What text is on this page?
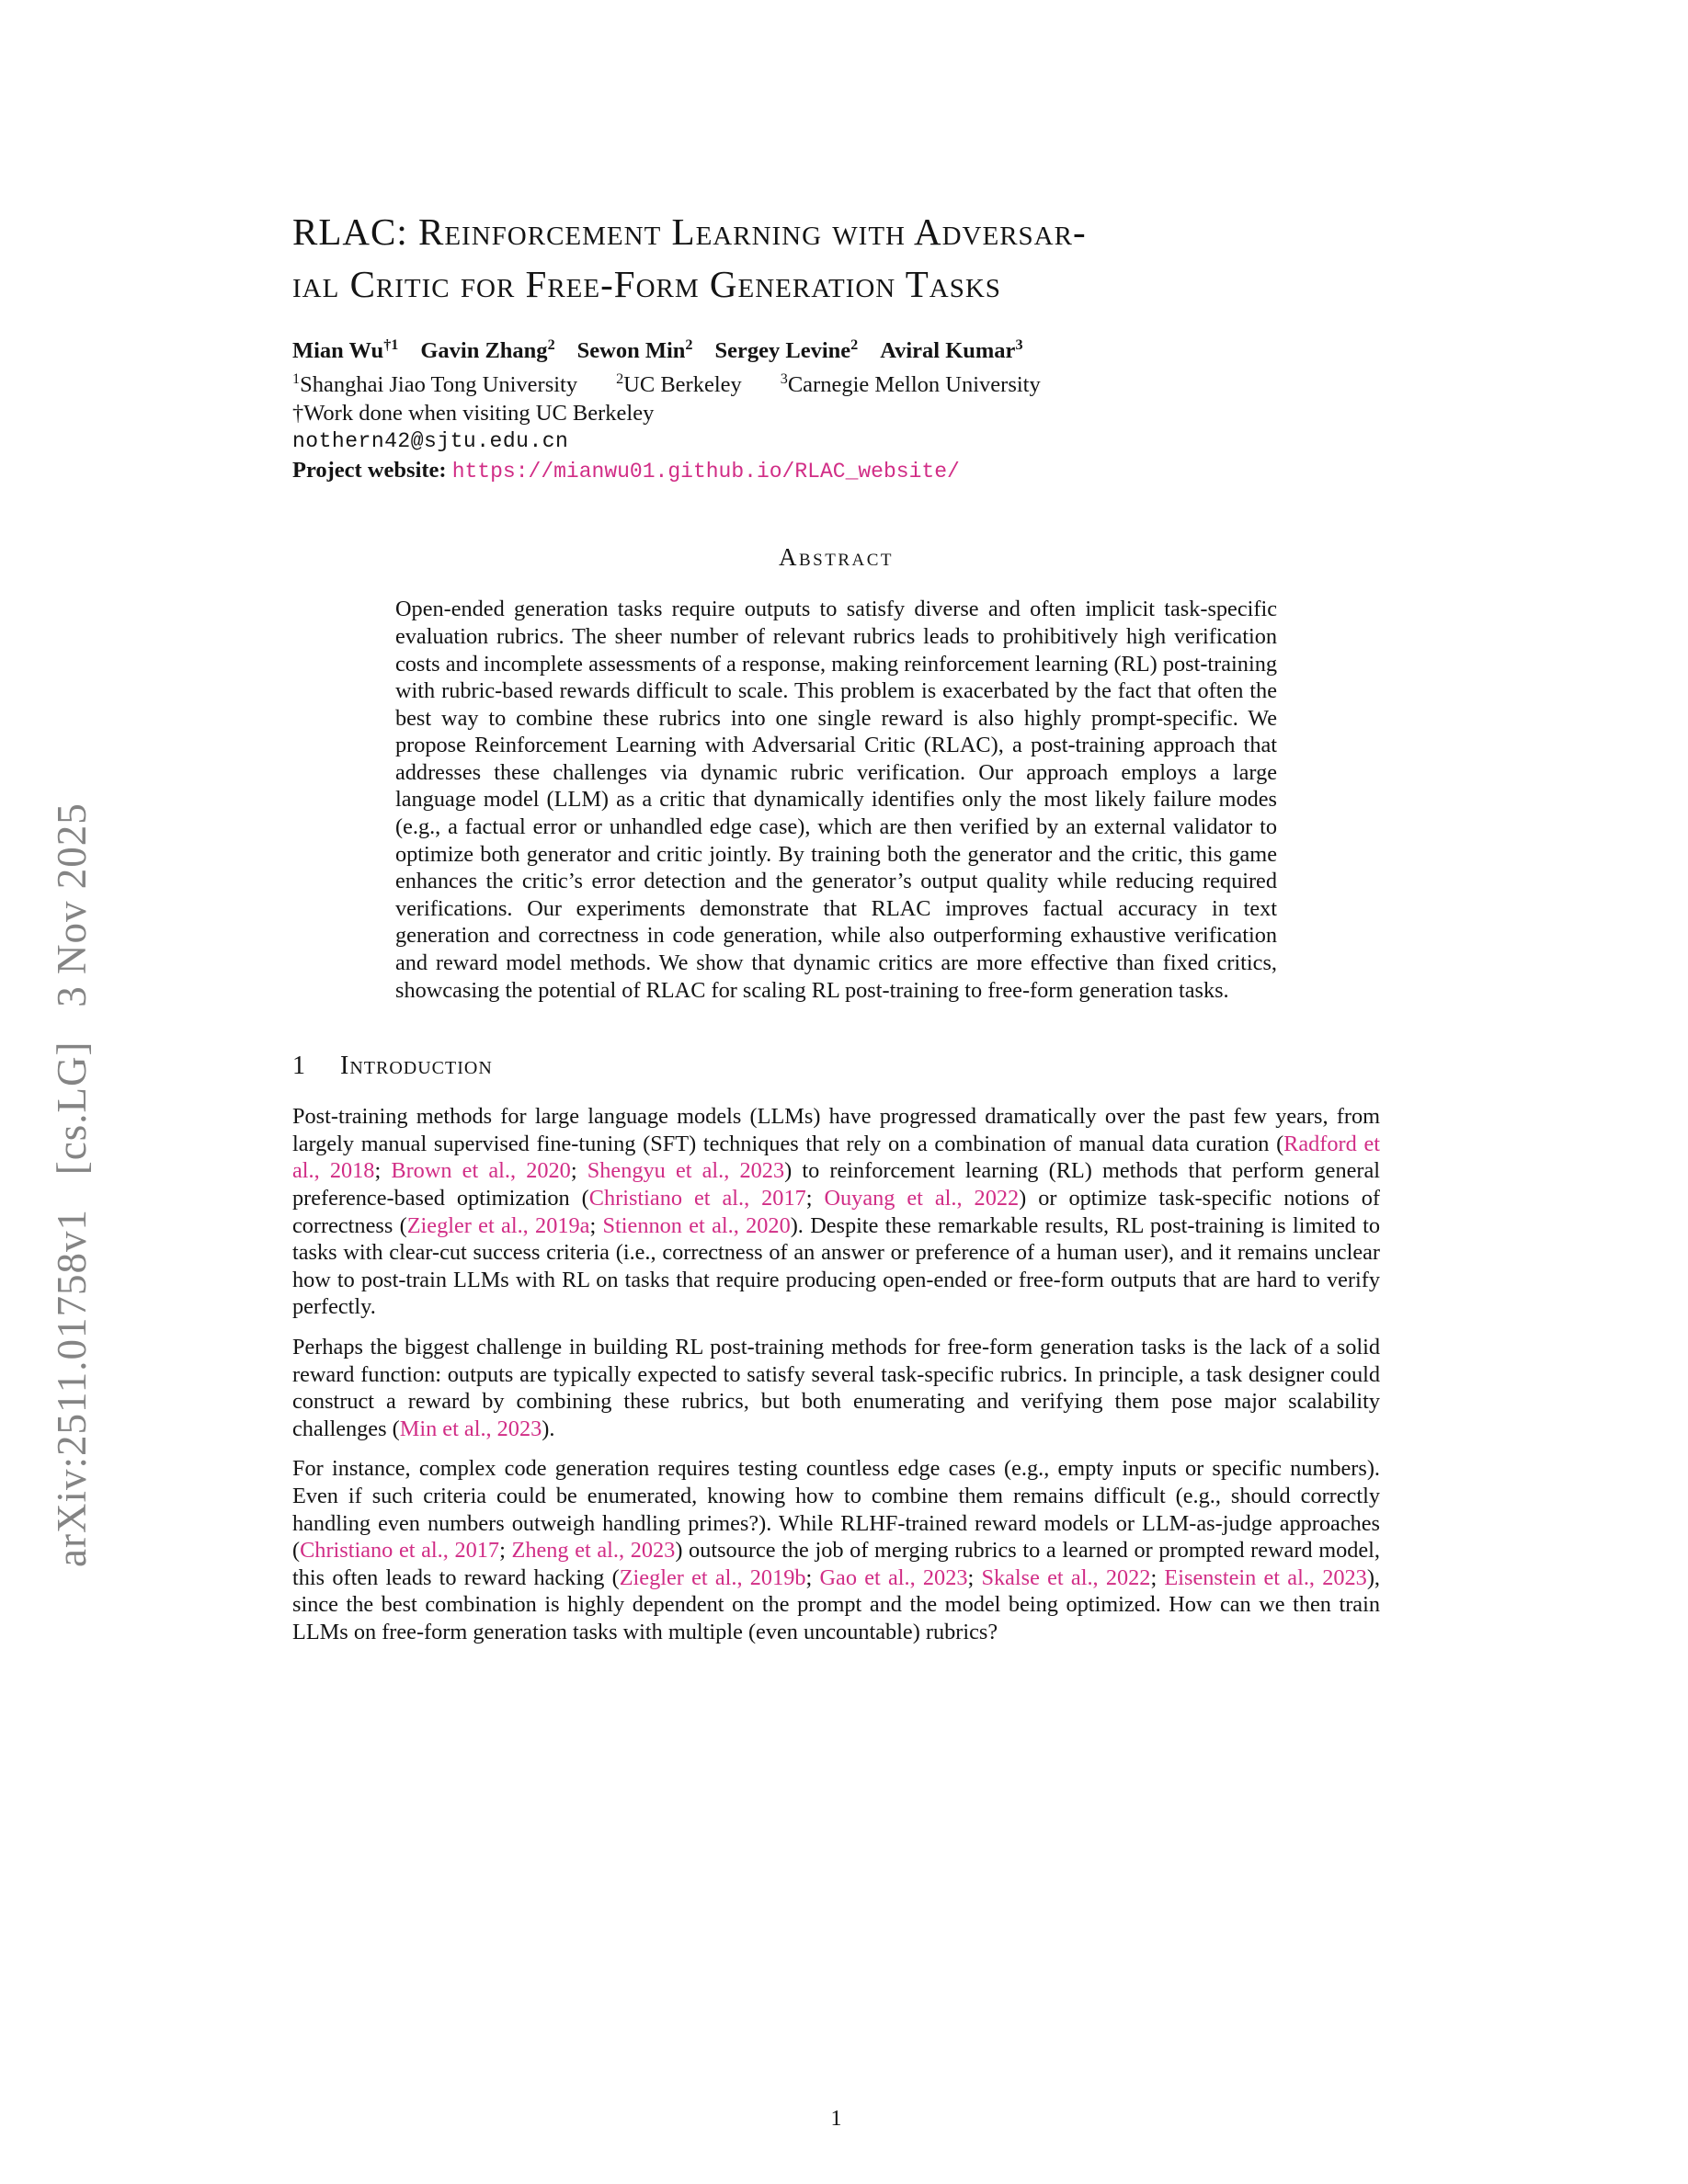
arXiv:2511.01758v1   [cs.LG]   3 Nov 2025
RLAC: Reinforcement Learning with Adversar-
ial Critic for Free-Form Generation Tasks
Mian Wu$^{\dagger 1}$ Gavin Zhang$^2$ Sewon Min$^2$ Sergey Levine$^2$ Aviral Kumar$^3$
$^1$Shanghai Jiao Tong University	$^2$UC Berkeley	$^3$Carnegie Mellon University
†Work done when visiting UC Berkeley
nothern42@sjtu.edu.cn
Project website: https://mianwu01.github.io/RLAC_website/
Abstract

Open-ended generation tasks require outputs to satisfy diverse and often implicit task-specific evaluation rubrics. The sheer number of relevant rubrics leads to prohibitively high verification costs and incomplete assessments of a response, making reinforcement learning (RL) post-training with rubric-based rewards difficult to scale. This problem is exacerbated by the fact that often the best way to combine these rubrics into one single reward is also highly prompt-specific. We propose Reinforcement Learning with Adversarial Critic (RLAC), a post-training approach that addresses these challenges via dynamic rubric verification. Our approach employs a large language model (LLM) as a critic that dynamically identifies only the most likely failure modes (e.g., a factual error or unhandled edge case), which are then verified by an external validator to optimize both generator and critic jointly. By training both the generator and the critic, this game enhances the critic’s error detection and the generator’s output quality while reducing required verifications. Our experiments demonstrate that RLAC improves factual accuracy in text generation and correctness in code generation, while also outperforming exhaustive verification and reward model methods. We show that dynamic critics are more effective than fixed critics, showcasing the potential of RLAC for scaling RL post-training to free-form generation tasks.

1 Introduction

Post-training methods for large language models (LLMs) have progressed dramatically over the past few years, from largely manual supervised fine-tuning (SFT) techniques that rely on a combination of manual data curation (Radford et al., 2018; Brown et al., 2020; Shengyu et al., 2023) to reinforcement learning (RL) methods that perform general preference-based optimization (Christiano et al., 2017; Ouyang et al., 2022) or optimize task-specific notions of correctness (Ziegler et al., 2019a; Stiennon et al., 2020). Despite these remarkable results, RL post-training is limited to tasks with clear-cut success criteria (i.e., correctness of an answer or preference of a human user), and it remains unclear how to post-train LLMs with RL on tasks that require producing open-ended or free-form outputs that are hard to verify perfectly.

Perhaps the biggest challenge in building RL post-training methods for free-form generation tasks is the lack of a solid reward function: outputs are typically expected to satisfy several task-specific rubrics. In principle, a task designer could construct a reward by combining these rubrics, but both enumerating and verifying them pose major scalability challenges (Min et al., 2023).

For instance, complex code generation requires testing countless edge cases (e.g., empty inputs or specific numbers). Even if such criteria could be enumerated, knowing how to combine them remains difficult (e.g., should correctly handling even numbers outweigh handling primes?). While RLHF-trained reward models or LLM-as-judge approaches (Christiano et al., 2017; Zheng et al., 2023) outsource the job of merging rubrics to a learned or prompted reward model, this often leads to reward hacking (Ziegler et al., 2019b; Gao et al., 2023; Skalse et al., 2022; Eisenstein et al., 2023), since the best combination is highly dependent on the prompt and the model being optimized. How can we then train LLMs on free-form generation tasks with multiple (even uncountable) rubrics?

1
